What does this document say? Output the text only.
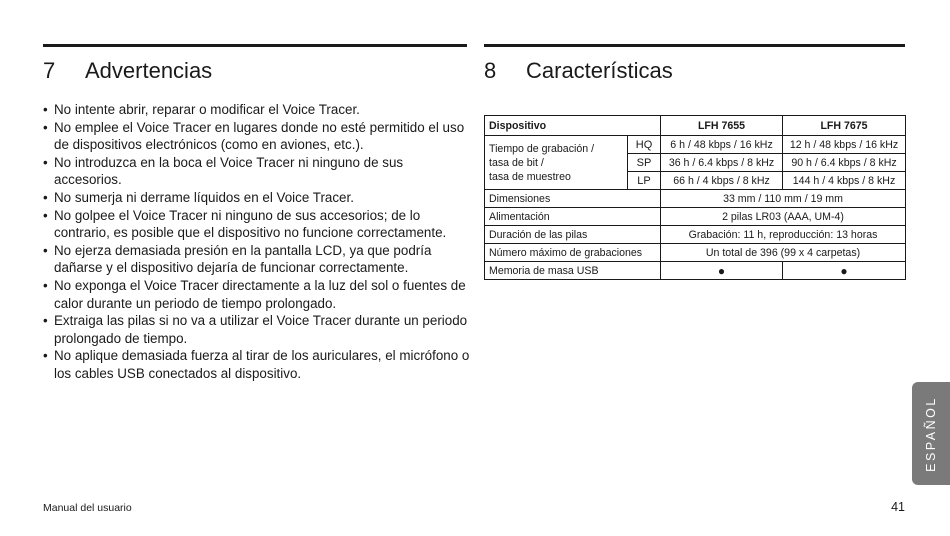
7 Advertencias	8 Características
• No intente abrir, reparar o modificar el Voice Tracer.
• No emplee el Voice Tracer en lugares donde no esté permitido el uso de dispositivos electrónicos (como en aviones, etc.).
• No introduzca en la boca el Voice Tracer ni ninguno de sus accesorios.
• No sumerja ni derrame líquidos en el Voice Tracer.
• No golpee el Voice Tracer ni ninguno de sus accesorios; de lo contrario, es posible que el dispositivo no funcione correctamente.
• No ejerza demasiada presión en la pantalla LCD, ya que podría dañarse y el dispositivo dejaría de funcionar correctamente.
• No exponga el Voice Tracer directamente a la luz del sol o fuentes de calor durante un periodo de tiempo prolongado.
• Extraiga las pilas si no va a utilizar el Voice Tracer durante un periodo prolongado de tiempo.
• No aplique demasiada fuerza al tirar de los auriculares, el micrófono o los cables USB conectados al dispositivo.
Dispositivo		LFH 7655	LFH 7675

Tiempo de grabación /
tasa de bit /
tasa de muestreo	HQ	6 h / 48 kbps / 16 kHz	12 h / 48 kbps / 16 kHz
	SP	36 h / 6.4 kbps / 8 kHz	90 h / 6.4 kbps / 8 kHz
	LP	66 h / 4 kbps / 8 kHz	144 h / 4 kbps / 8 kHz
Dimensiones		33 mm / 110 mm / 19 mm	
Alimentación		2 pilas LR03 (AAA, UM-4)	
Duración de las pilas		Grabación: 11 h, reproducción: 13 horas	
Número máximo de grabaciones		Un total de 396 (99 x 4 carpetas)	
Memoria de masa USB		●	●
ESPAÑOL
Manual del usuario	41
